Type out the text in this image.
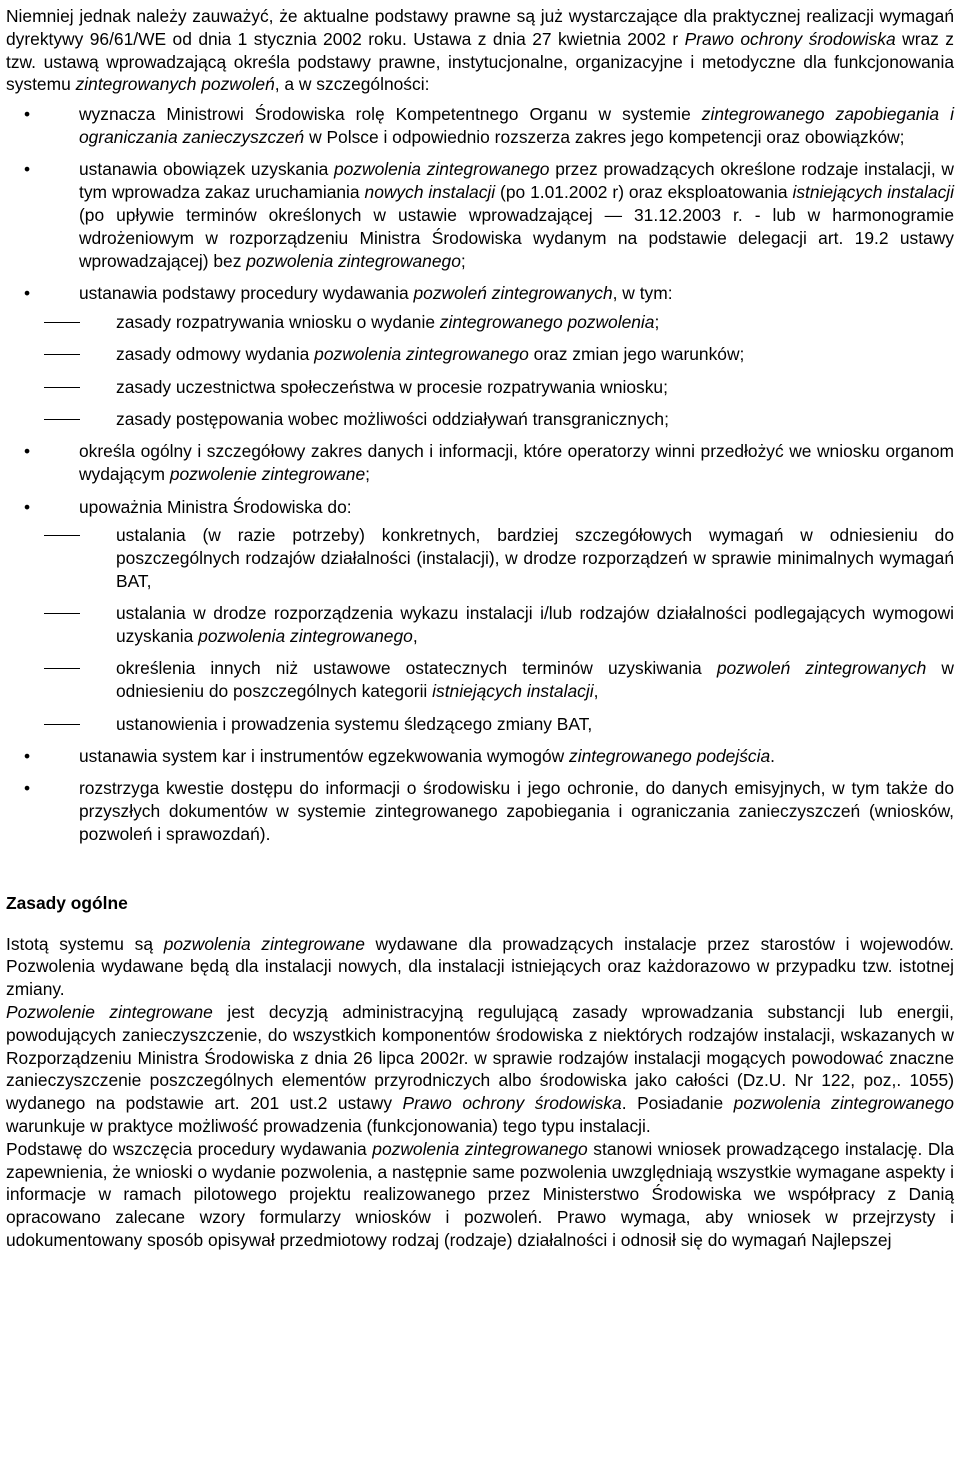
Niemniej jednak należy zauważyć, że aktualne podstawy prawne są już wystarczające dla praktycznej realizacji wymagań dyrektywy 96/61/WE od dnia 1 stycznia 2002 roku. Ustawa z dnia 27 kwietnia 2002 r Prawo ochrony środowiska wraz z tzw. ustawą wprowadzającą określa podstawy prawne, instytucjonalne, organizacyjne i metodyczne dla funkcjonowania systemu zintegrowanych pozwoleń, a w szczególności:

• wyznacza Ministrowi Środowiska rolę Kompetentnego Organu w systemie zintegrowanego zapobiegania i ograniczania zanieczyszczeń w Polsce i odpowiednio rozszerza zakres jego kompetencji oraz obowiązków;
• ustanawia obowiązek uzyskania pozwolenia zintegrowanego przez prowadzących określone rodzaje instalacji, w tym wprowadza zakaz uruchamiania nowych instalacji (po 1.01.2002 r) oraz eksploatowania istniejących instalacji (po upływie terminów określonych w ustawie wprowadzającej — 31.12.2003 r. - lub w harmonogramie wdrożeniowym w rozporządzeniu Ministra Środowiska wydanym na podstawie delegacji art. 19.2 ustawy wprowadzającej) bez pozwolenia zintegrowanego;
• ustanawia podstawy procedury wydawania pozwoleń zintegrowanych, w tym:
zasady rozpatrywania wniosku o wydanie zintegrowanego pozwolenia;
zasady odmowy wydania pozwolenia zintegrowanego oraz zmian jego warunków;
zasady uczestnictwa społeczeństwa w procesie rozpatrywania wniosku;
zasady postępowania wobec możliwości oddziaływań transgranicznych;
• określa ogólny i szczegółowy zakres danych i informacji, które operatorzy winni przedłożyć we wniosku organom wydającym pozwolenie zintegrowane;
• upoważnia Ministra Środowiska do:
ustalania (w razie potrzeby) konkretnych, bardziej szczegółowych wymagań w odniesieniu do poszczególnych rodzajów działalności (instalacji), w drodze rozporządzeń w sprawie minimalnych wymagań BAT,
ustalania w drodze rozporządzenia wykazu instalacji i/lub rodzajów działalności podlegających wymogowi uzyskania pozwolenia zintegrowanego,
określenia innych niż ustawowe ostatecznych terminów uzyskiwania pozwoleń zintegrowanych w odniesieniu do poszczególnych kategorii istniejących instalacji,
ustanowienia i prowadzenia systemu śledzącego zmiany BAT,
• ustanawia system kar i instrumentów egzekwowania wymogów zintegrowanego podejścia.
• rozstrzyga kwestie dostępu do informacji o środowisku i jego ochronie, do danych emisyjnych, w tym także do przyszłych dokumentów w systemie zintegrowanego zapobiegania i ograniczania zanieczyszczeń (wniosków, pozwoleń i sprawozdań).
Zasady ogólne

Istotą systemu są pozwolenia zintegrowane wydawane dla prowadzących instalacje przez starostów i wojewodów. Pozwolenia wydawane będą dla instalacji nowych, dla instalacji istniejących oraz każdorazowo w przypadku tzw. istotnej zmiany.

Pozwolenie zintegrowane jest decyzją administracyjną regulującą zasady wprowadzania substancji lub energii, powodujących zanieczyszczenie, do wszystkich komponentów środowiska z niektórych rodzajów instalacji, wskazanych w Rozporządzeniu Ministra Środowiska z dnia 26 lipca 2002r. w sprawie rodzajów instalacji mogących powodować znaczne zanieczyszczenie poszczególnych elementów przyrodniczych albo środowiska jako całości (Dz.U. Nr 122, poz,. 1055) wydanego na podstawie art. 201 ust.2 ustawy Prawo ochrony środowiska. Posiadanie pozwolenia zintegrowanego warunkuje w praktyce możliwość prowadzenia (funkcjonowania) tego typu instalacji.

Podstawę do wszczęcia procedury wydawania pozwolenia zintegrowanego stanowi wniosek prowadzącego instalację. Dla zapewnienia, że wnioski o wydanie pozwolenia, a następnie same pozwolenia uwzględniają wszystkie wymagane aspekty i informacje w ramach pilotowego projektu realizowanego przez Ministerstwo Środowiska we współpracy z Danią opracowano zalecane wzory formularzy wniosków i pozwoleń. Prawo wymaga, aby wniosek w przejrzysty i udokumentowany sposób opisywał przedmiotowy rodzaj (rodzaje) działalności i odnosił się do wymagań Najlepszej
